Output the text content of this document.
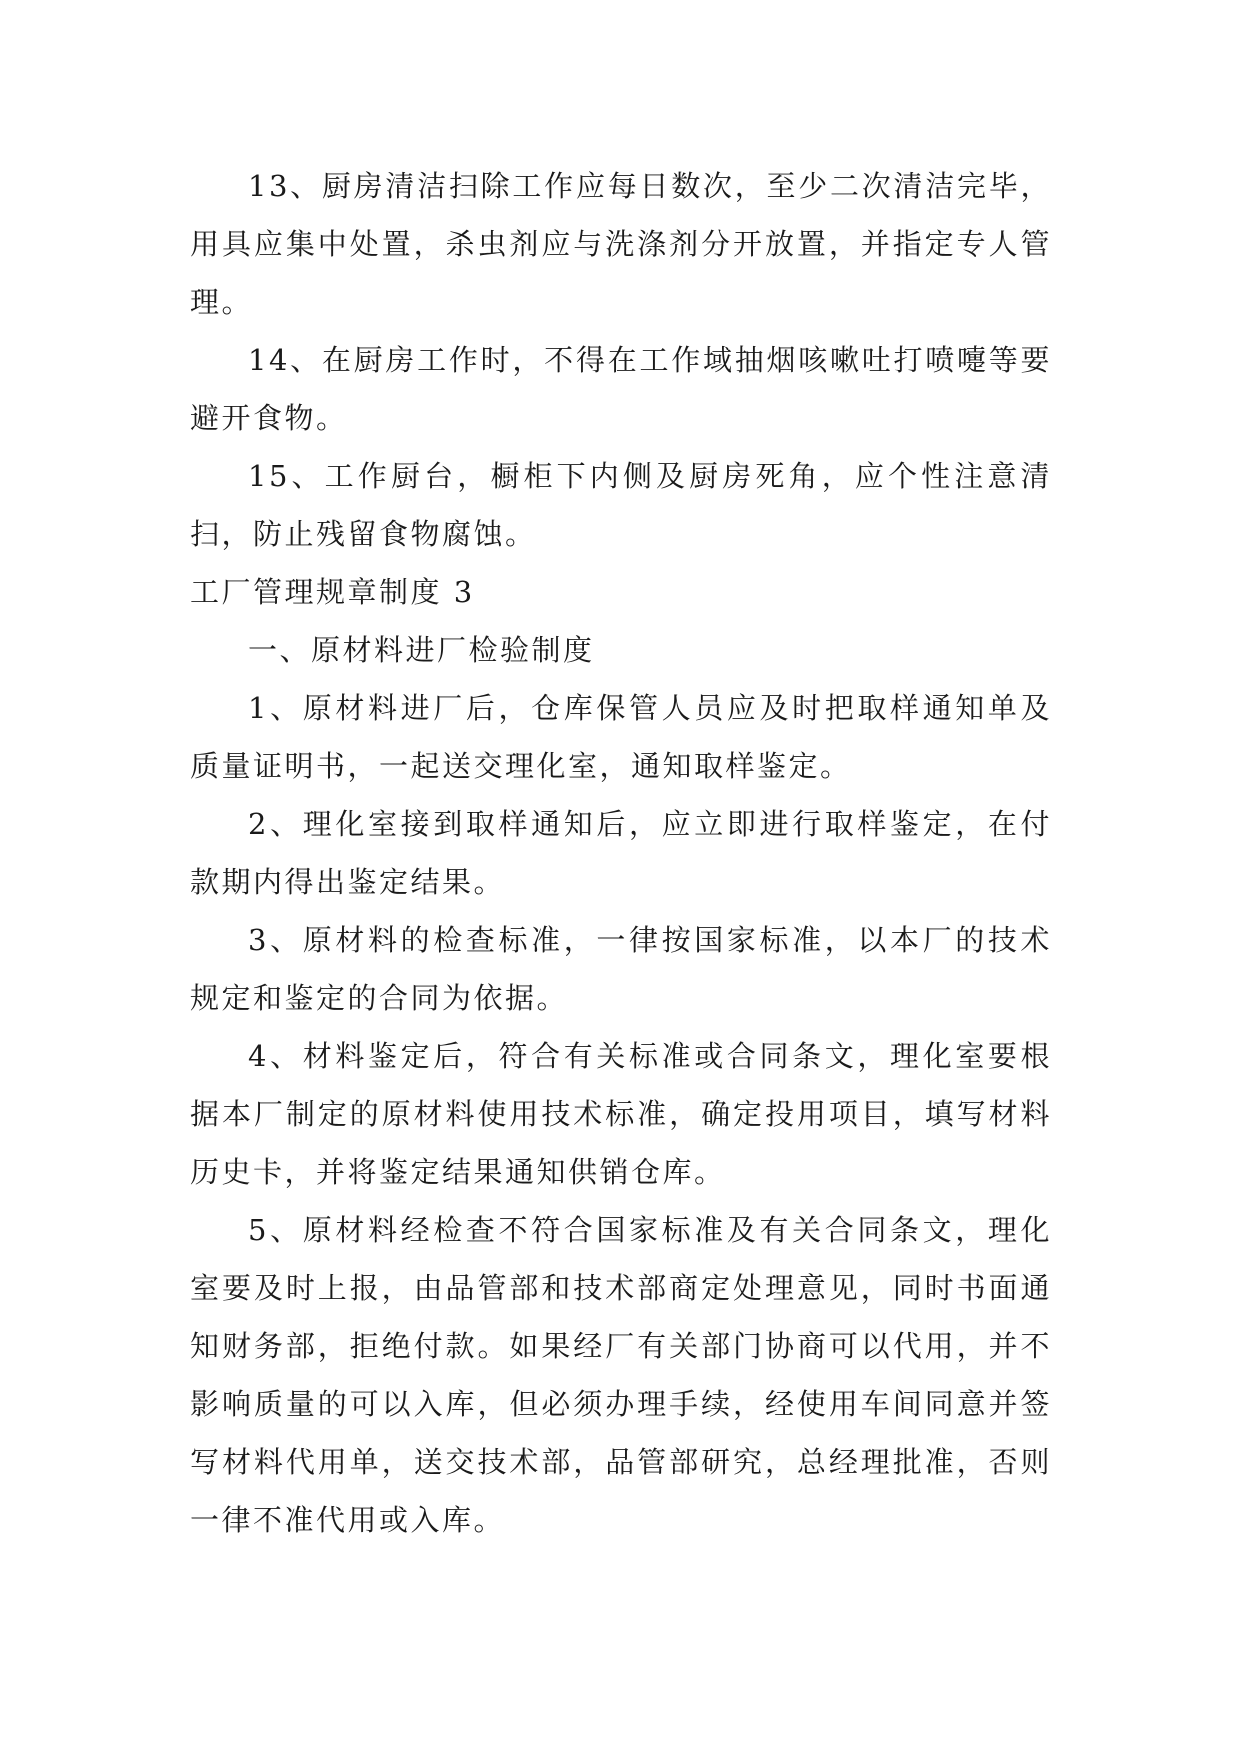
13、厨房清洁扫除工作应每日数次，至少二次清洁完毕，用具应集中处置，杀虫剂应与洗涤剂分开放置，并指定专人管理。

14、在厨房工作时，不得在工作域抽烟咳嗽吐打喷嚏等要避开食物。

15、工作厨台，橱柜下内侧及厨房死角，应个性注意清扫，防止残留食物腐蚀。

工厂管理规章制度 3

一、原材料进厂检验制度

1、原材料进厂后，仓库保管人员应及时把取样通知单及质量证明书，一起送交理化室，通知取样鉴定。

2、理化室接到取样通知后，应立即进行取样鉴定，在付款期内得出鉴定结果。

3、原材料的检查标准，一律按国家标准，以本厂的技术规定和鉴定的合同为依据。

4、材料鉴定后，符合有关标准或合同条文，理化室要根据本厂制定的原材料使用技术标准，确定投用项目，填写材料历史卡，并将鉴定结果通知供销仓库。

5、原材料经检查不符合国家标准及有关合同条文，理化室要及时上报，由品管部和技术部商定处理意见，同时书面通知财务部，拒绝付款。如果经厂有关部门协商可以代用，并不影响质量的可以入库，但必须办理手续，经使用车间同意并签写材料代用单，送交技术部，品管部研究，总经理批准，否则一律不准代用或入库。
